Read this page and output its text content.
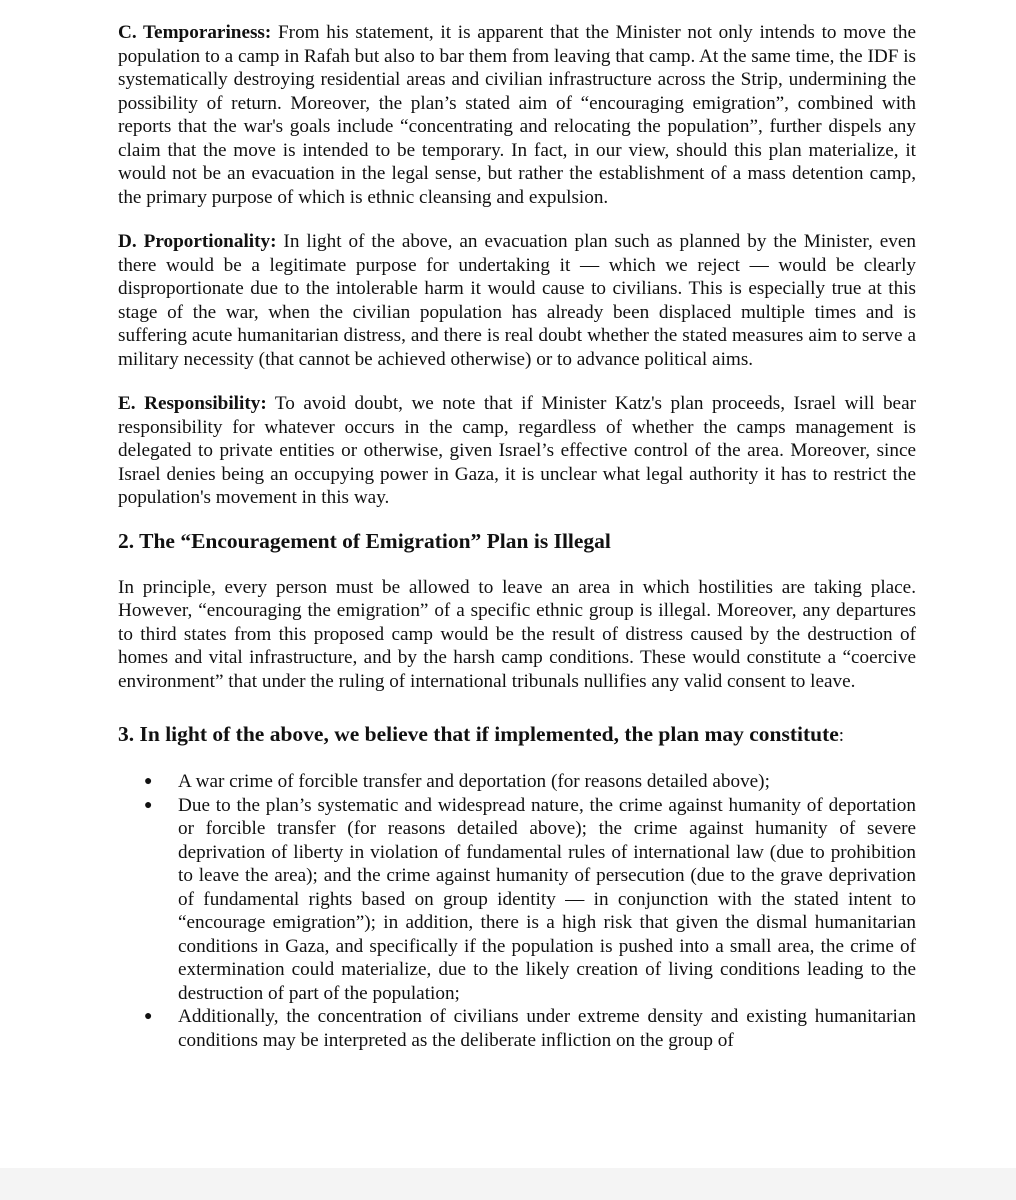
C. Temporariness: From his statement, it is apparent that the Minister not only intends to move the population to a camp in Rafah but also to bar them from leaving that camp. At the same time, the IDF is systematically destroying residential areas and civilian infrastructure across the Strip, undermining the possibility of return. Moreover, the plan’s stated aim of “encouraging emigration”, combined with reports that the war's goals include “concentrating and relocating the population”, further dispels any claim that the move is intended to be temporary. In fact, in our view, should this plan materialize, it would not be an evacuation in the legal sense, but rather the establishment of a mass detention camp, the primary purpose of which is ethnic cleansing and expulsion.

D. Proportionality: In light of the above, an evacuation plan such as planned by the Minister, even there would be a legitimate purpose for undertaking it — which we reject — would be clearly disproportionate due to the intolerable harm it would cause to civilians. This is especially true at this stage of the war, when the civilian population has already been displaced multiple times and is suffering acute humanitarian distress, and there is real doubt whether the stated measures aim to serve a military necessity (that cannot be achieved otherwise) or to advance political aims.

E. Responsibility: To avoid doubt, we note that if Minister Katz's plan proceeds, Israel will bear responsibility for whatever occurs in the camp, regardless of whether the camps management is delegated to private entities or otherwise, given Israel’s effective control of the area. Moreover, since Israel denies being an occupying power in Gaza, it is unclear what legal authority it has to restrict the population's movement in this way.

2. The “Encouragement of Emigration” Plan is Illegal

In principle, every person must be allowed to leave an area in which hostilities are taking place. However, “encouraging the emigration” of a specific ethnic group is illegal. Moreover, any departures to third states from this proposed camp would be the result of distress caused by the destruction of homes and vital infrastructure, and by the harsh camp conditions. These would constitute a “coercive environment” that under the ruling of international tribunals nullifies any valid consent to leave.

3. In light of the above, we believe that if implemented, the plan may constitute:
● A war crime of forcible transfer and deportation (for reasons detailed above);
● Due to the plan’s systematic and widespread nature, the crime against humanity of deportation or forcible transfer (for reasons detailed above); the crime against humanity of severe deprivation of liberty in violation of fundamental rules of international law (due to prohibition to leave the area); and the crime against humanity of persecution (due to the grave deprivation of fundamental rights based on group identity — in conjunction with the stated intent to “encourage emigration”); in addition, there is a high risk that given the dismal humanitarian conditions in Gaza, and specifically if the population is pushed into a small area, the crime of extermination could materialize, due to the likely creation of living conditions leading to the destruction of part of the population;
● Additionally, the concentration of civilians under extreme density and existing humanitarian conditions may be interpreted as the deliberate infliction on the group of
